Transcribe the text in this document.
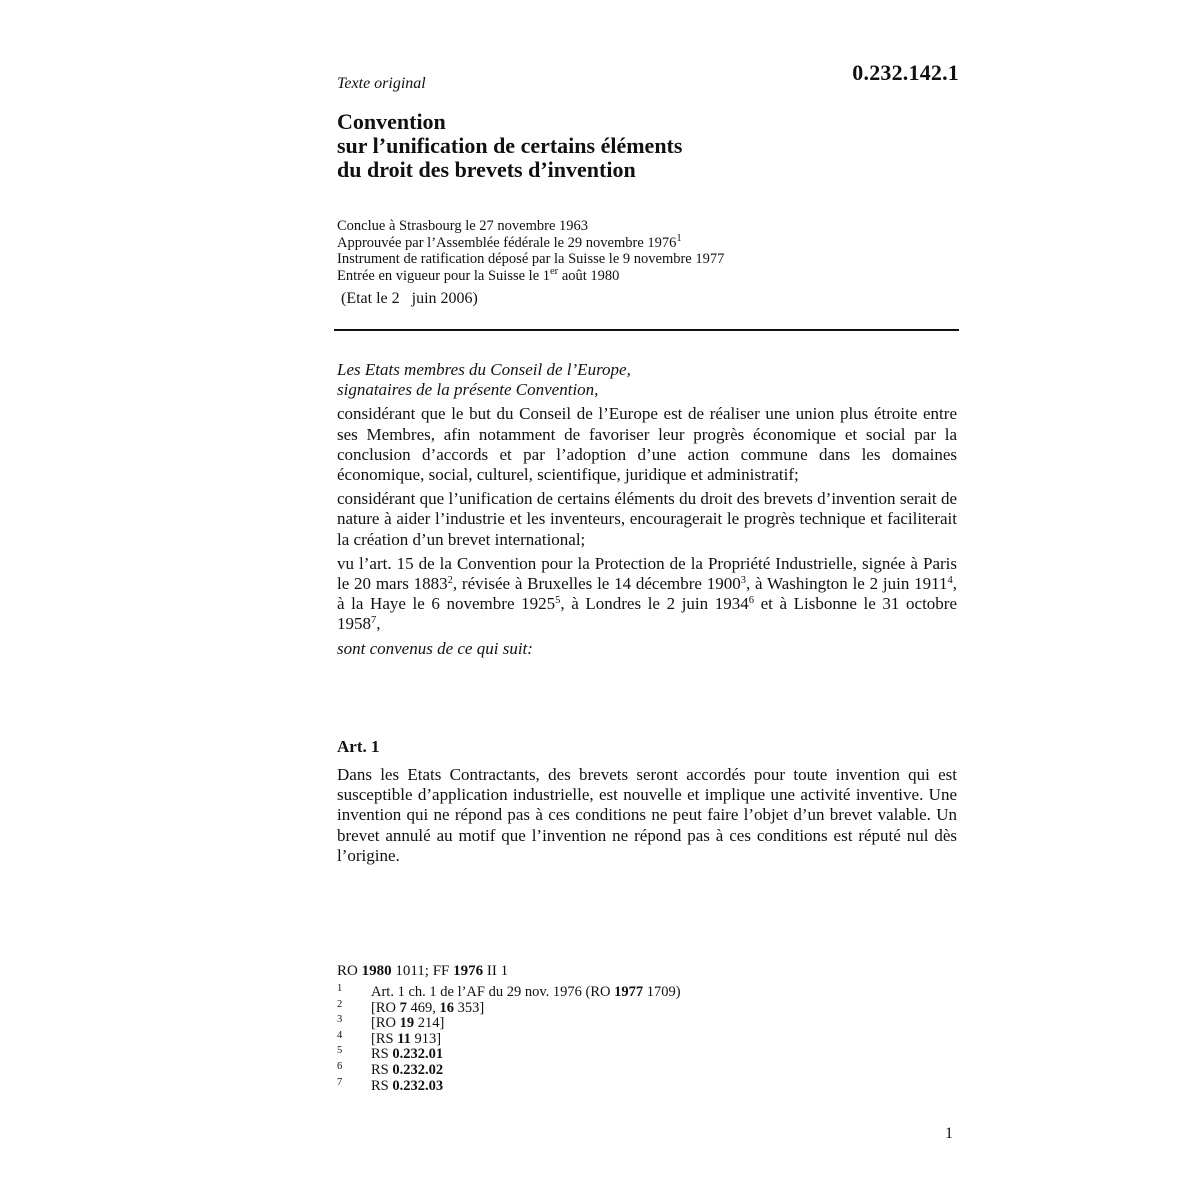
0.232.142.1
Texte original
Convention
sur l’unification de certains éléments
du droit des brevets d’invention
Conclue à Strasbourg le 27 novembre 1963
Approuvée par l’Assemblée fédérale le 29 novembre 1976$^1$
Instrument de ratification déposé par la Suisse le 9 novembre 1977
Entrée en vigueur pour la Suisse le 1er août 1980
(Etat le 2   juin 2006)

Les Etats membres du Conseil de l’Europe,

signataires de la présente Convention,

considérant que le but du Conseil de l’Europe est de réaliser une union plus étroite entre ses Membres, afin notamment de favoriser leur progrès économique et social par la conclusion d’accords et par l’adoption d’une action commune dans les domaines économique, social, culturel, scientifique, juridique et administratif;

considérant que l’unification de certains éléments du droit des brevets d’invention serait de nature à aider l’industrie et les inventeurs, encouragerait le progrès technique et faciliterait la création d’un brevet international;

vu l’art. 15 de la Convention pour la Protection de la Propriété Industrielle, signée à Paris le 20 mars 1883$^2$, révisée à Bruxelles le 14 décembre 1900$^3$, à Washington le 2 juin 1911$^4$, à la Haye le 6 novembre 1925$^5$, à Londres le 2 juin 1934$^6$ et à Lisbonne le 31 octobre 1958$^7$,

sont convenus de ce qui suit:

Art. 1

Dans les Etats Contractants, des brevets seront accordés pour toute invention qui est susceptible d’application industrielle, est nouvelle et implique une activité inventive. Une invention qui ne répond pas à ces conditions ne peut faire l’objet d’un brevet valable. Un brevet annulé au motif que l’invention ne répond pas à ces conditions est réputé nul dès l’origine.

RO 1980 1011; FF 1976 II 1
1 Art. 1 ch. 1 de l’AF du 29 nov. 1976 (RO 1977 1709)
2 [RO 7 469, 16 353]
3 [RO 19 214]
4 [RS 11 913]
5 RS 0.232.01
6 RS 0.232.02
7 RS 0.232.03
1
